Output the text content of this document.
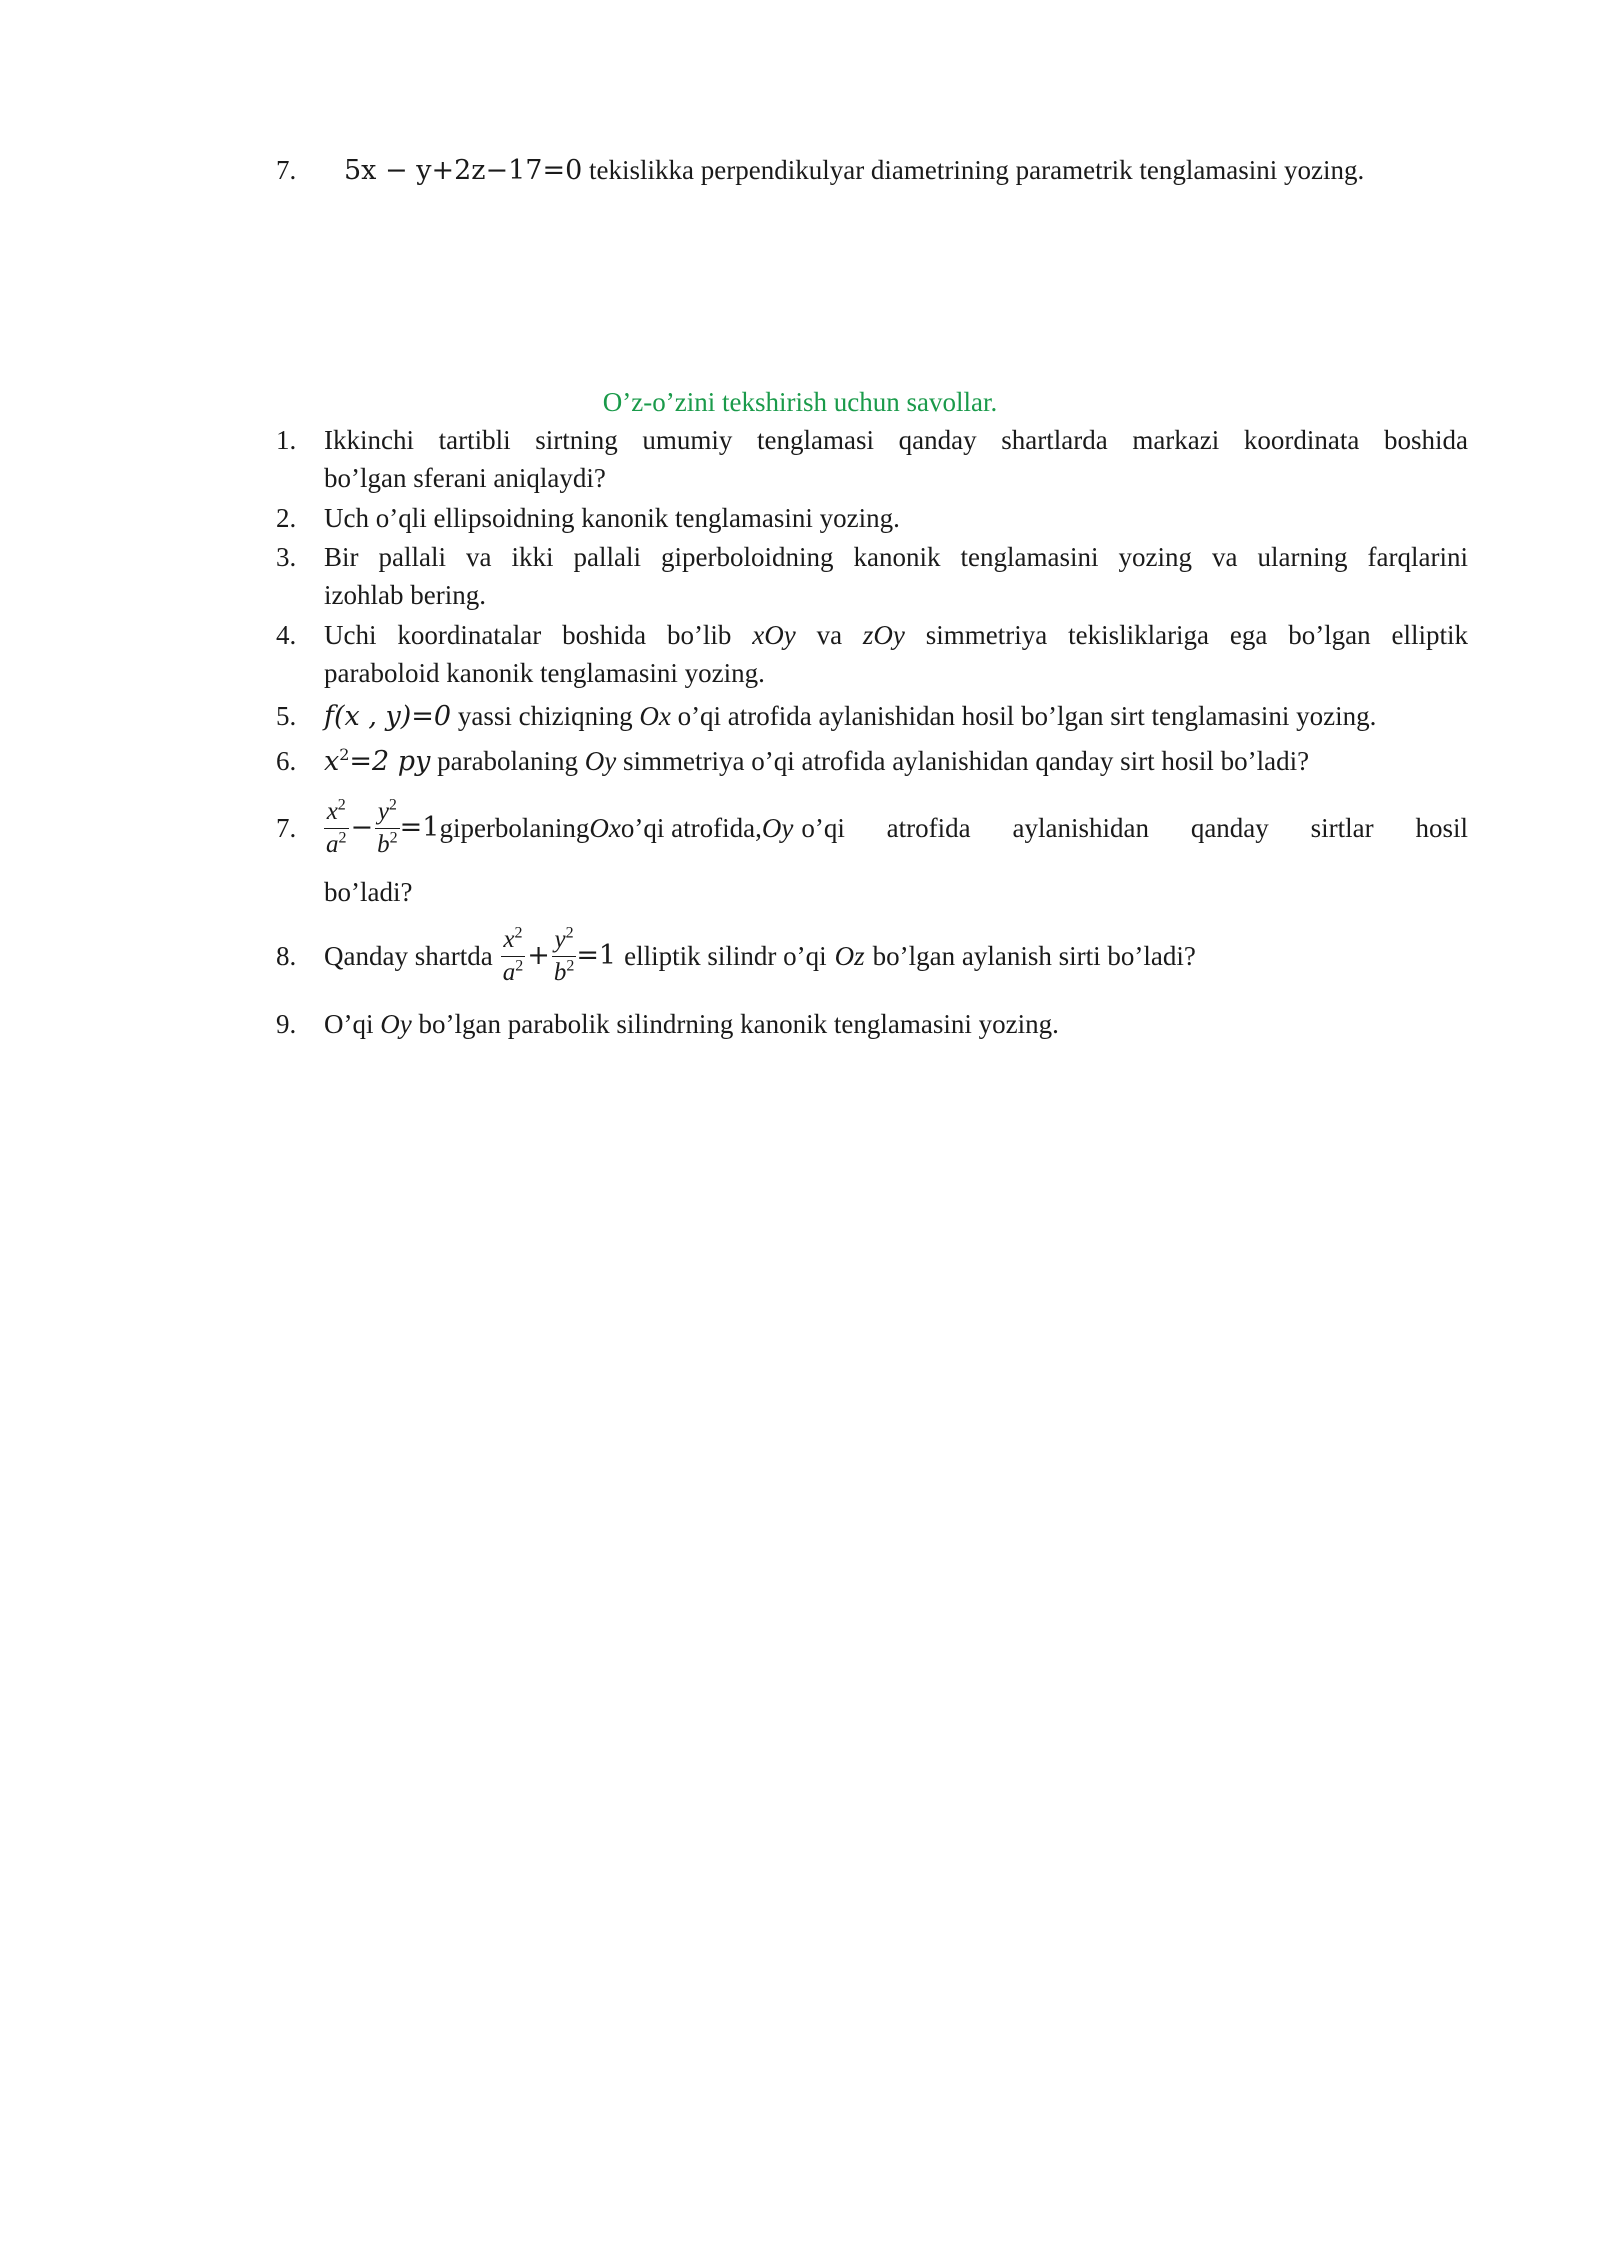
7. 5x − y+2z−17=0 tekislikka perpendikulyar diametrining parametrik tenglamasini yozing.
O’z-o’zini tekshirish uchun savollar.
1. Ikkinchi tartibli sirtning umumiy tenglamasi qanday shartlarda markazi koordinata boshida
bo’lgan sferani aniqlaydi?
2. Uch o’qli ellipsoidning kanonik tenglamasini yozing.
3. Bir pallali va ikki pallali giperboloidning kanonik tenglamasini yozing va ularning farqlarini
izohlab bering.
4. Uchi koordinatalar boshida bo’lib xOy va zOy simmetriya tekisliklariga ega bo’lgan elliptik
paraboloid kanonik tenglamasini yozing.
5. f(x , y)=0 yassi chiziqning Ox o’qi atrofida aylanishidan hosil bo’lgan sirt tenglamasini yozing.
6. $x^2=2$ py parabolaning Oy simmetriya o’qi atrofida aylanishidan qanday sirt hosil bo’ladi?
7. $\frac{x^2}{a^2} - \frac{y^2}{b^2} =1$ giperbolaning Oxo’qi atrofida, Oy o’qi atrofida aylanishidan qanday sirtlar hosil
bo’ladi?
8. Qanday shartda $\frac{x^2}{a^2} + \frac{y^2}{b^2} =1$ elliptik silindr o’qi Oz bo’lgan aylanish sirti bo’ladi?
9. O’qi Oy bo’lgan parabolik silindrning kanonik tenglamasini yozing.
